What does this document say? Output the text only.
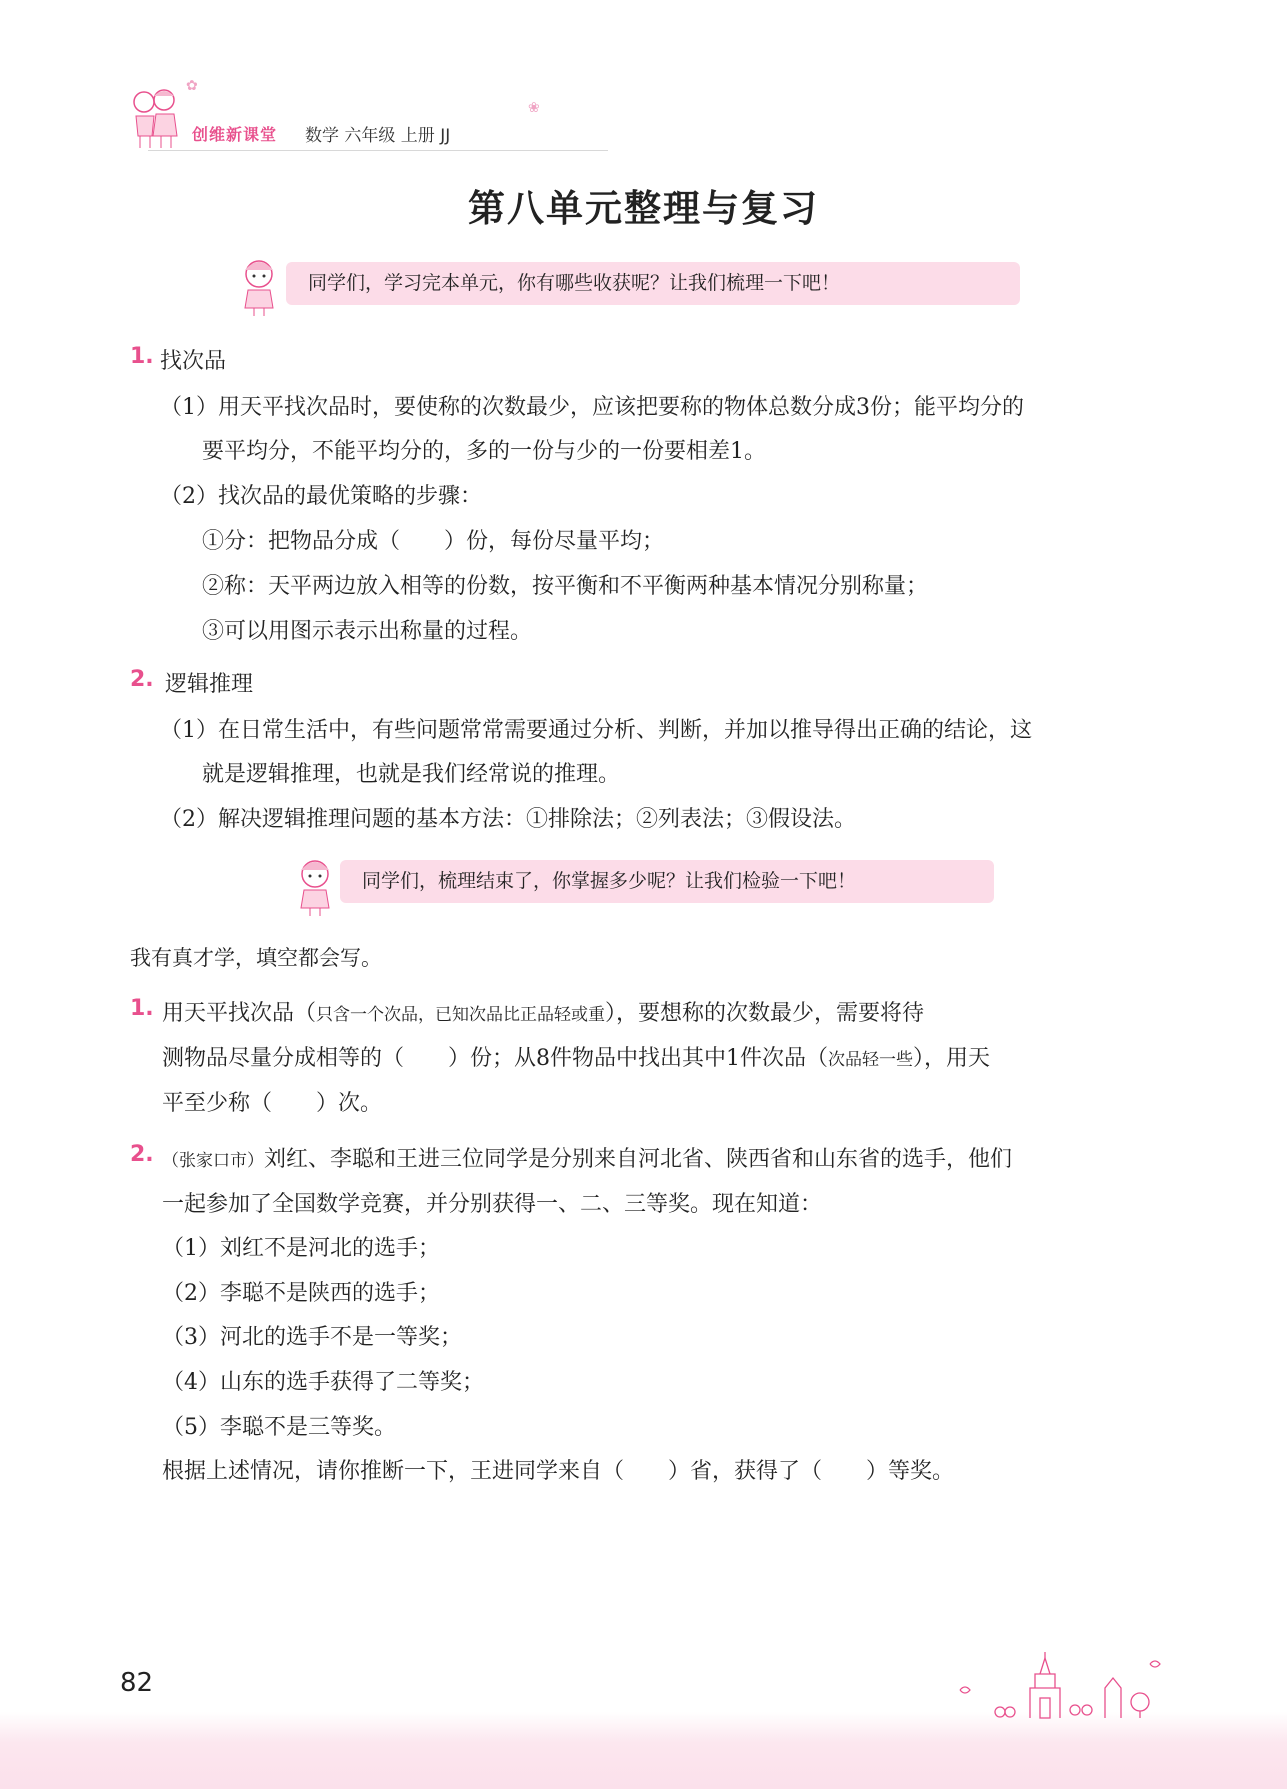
创维新课堂 数学 六年级 上册 JJ
✿
❀
第八单元整理与复习
同学们，学习完本单元，你有哪些收获呢？让我们梳理一下吧！
1. 找次品
（1）用天平找次品时，要使称的次数最少，应该把要称的物体总数分成3份；能平均分的
要平均分，不能平均分的，多的一份与少的一份要相差1。
（2）找次品的最优策略的步骤：
①分：把物品分成（　　）份，每份尽量平均；
②称：天平两边放入相等的份数，按平衡和不平衡两种基本情况分别称量；
③可以用图示表示出称量的过程。
2. 逻辑推理
（1）在日常生活中，有些问题常常需要通过分析、判断，并加以推导得出正确的结论，这
就是逻辑推理，也就是我们经常说的推理。
（2）解决逻辑推理问题的基本方法：①排除法；②列表法；③假设法。
同学们，梳理结束了，你掌握多少呢？让我们检验一下吧！
我有真才学，填空都会写。
1. 用天平找次品（只含一个次品，已知次品比正品轻或重），要想称的次数最少，需要将待
测物品尽量分成相等的（　　）份；从8件物品中找出其中1件次品（次品轻一些），用天
平至少称（　　）次。
2. （张家口市）刘红、李聪和王进三位同学是分别来自河北省、陕西省和山东省的选手，他们
一起参加了全国数学竞赛，并分别获得一、二、三等奖。现在知道：
（1）刘红不是河北的选手；
（2）李聪不是陕西的选手；
（3）河北的选手不是一等奖；
（4）山东的选手获得了二等奖；
（5）李聪不是三等奖。
根据上述情况，请你推断一下，王进同学来自（　　）省，获得了（　　）等奖。
82
